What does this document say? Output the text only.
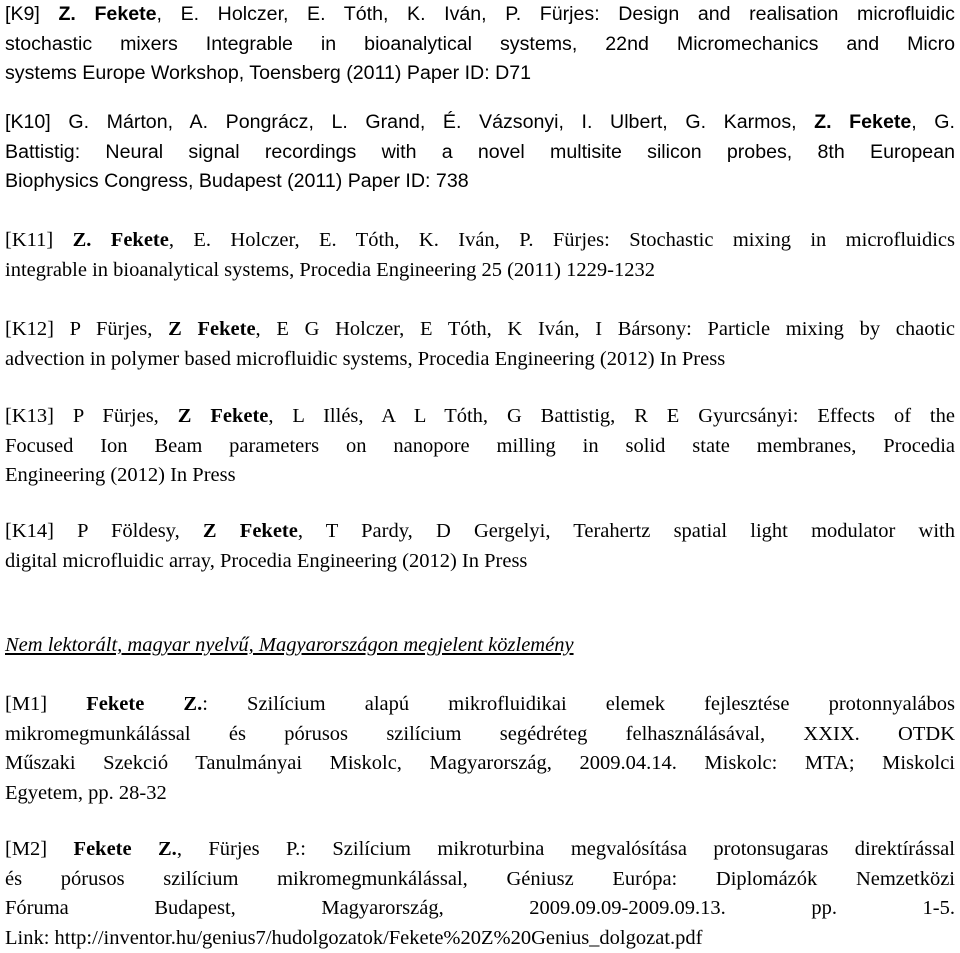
[K9] Z. Fekete, E. Holczer, E. Tóth, K. Iván, P. Fürjes: Design and realisation microfluidic
stochastic mixers Integrable in bioanalytical systems, 22nd Micromechanics and Micro
systems Europe Workshop, Toensberg (2011) Paper ID: D71
[K10] G. Márton, A. Pongrácz, L. Grand, É. Vázsonyi, I. Ulbert, G. Karmos, Z. Fekete, G.
Battistig: Neural signal recordings with a novel multisite silicon probes, 8th European
Biophysics Congress, Budapest (2011) Paper ID: 738
[K11] Z. Fekete, E. Holczer, E. Tóth, K. Iván, P. Fürjes: Stochastic mixing in microfluidics
integrable in bioanalytical systems, Procedia Engineering 25 (2011) 1229-1232
[K12] P Fürjes, Z Fekete, E G Holczer, E Tóth, K Iván, I Bársony: Particle mixing by chaotic
advection in polymer based microfluidic systems, Procedia Engineering (2012) In Press
[K13] P Fürjes, Z Fekete, L Illés, A L Tóth, G Battistig, R E Gyurcsányi: Effects of the
Focused Ion Beam parameters on nanopore milling in solid state membranes, Procedia
Engineering (2012) In Press
[K14] P Földesy, Z Fekete, T Pardy, D Gergelyi, Terahertz spatial light modulator with
digital microfluidic array, Procedia Engineering (2012) In Press
[M1] Fekete Z.: Szilícium alapú mikrofluidikai elemek fejlesztése protonnyalábos
mikromegmunkálással és pórusos szilícium segédréteg felhasználásával, XXIX. OTDK
Műszaki Szekció Tanulmányai Miskolc, Magyarország, 2009.04.14. Miskolc: MTA; Miskolci
Egyetem, pp. 28-32
[M2] Fekete Z., Fürjes P.: Szilícium mikroturbina megvalósítása protonsugaras direktírással
és pórusos szilícium mikromegmunkálással, Géniusz Európa: Diplomázók Nemzetközi
Fóruma Budapest, Magyarország, 2009.09.09-2009.09.13. pp. 1-5.
Link: http://inventor.hu/genius7/hudolgozatok/Fekete%20Z%20Genius_dolgozat.pdf
Nem lektorált, magyar nyelvű, Magyarországon megjelent közlemény
